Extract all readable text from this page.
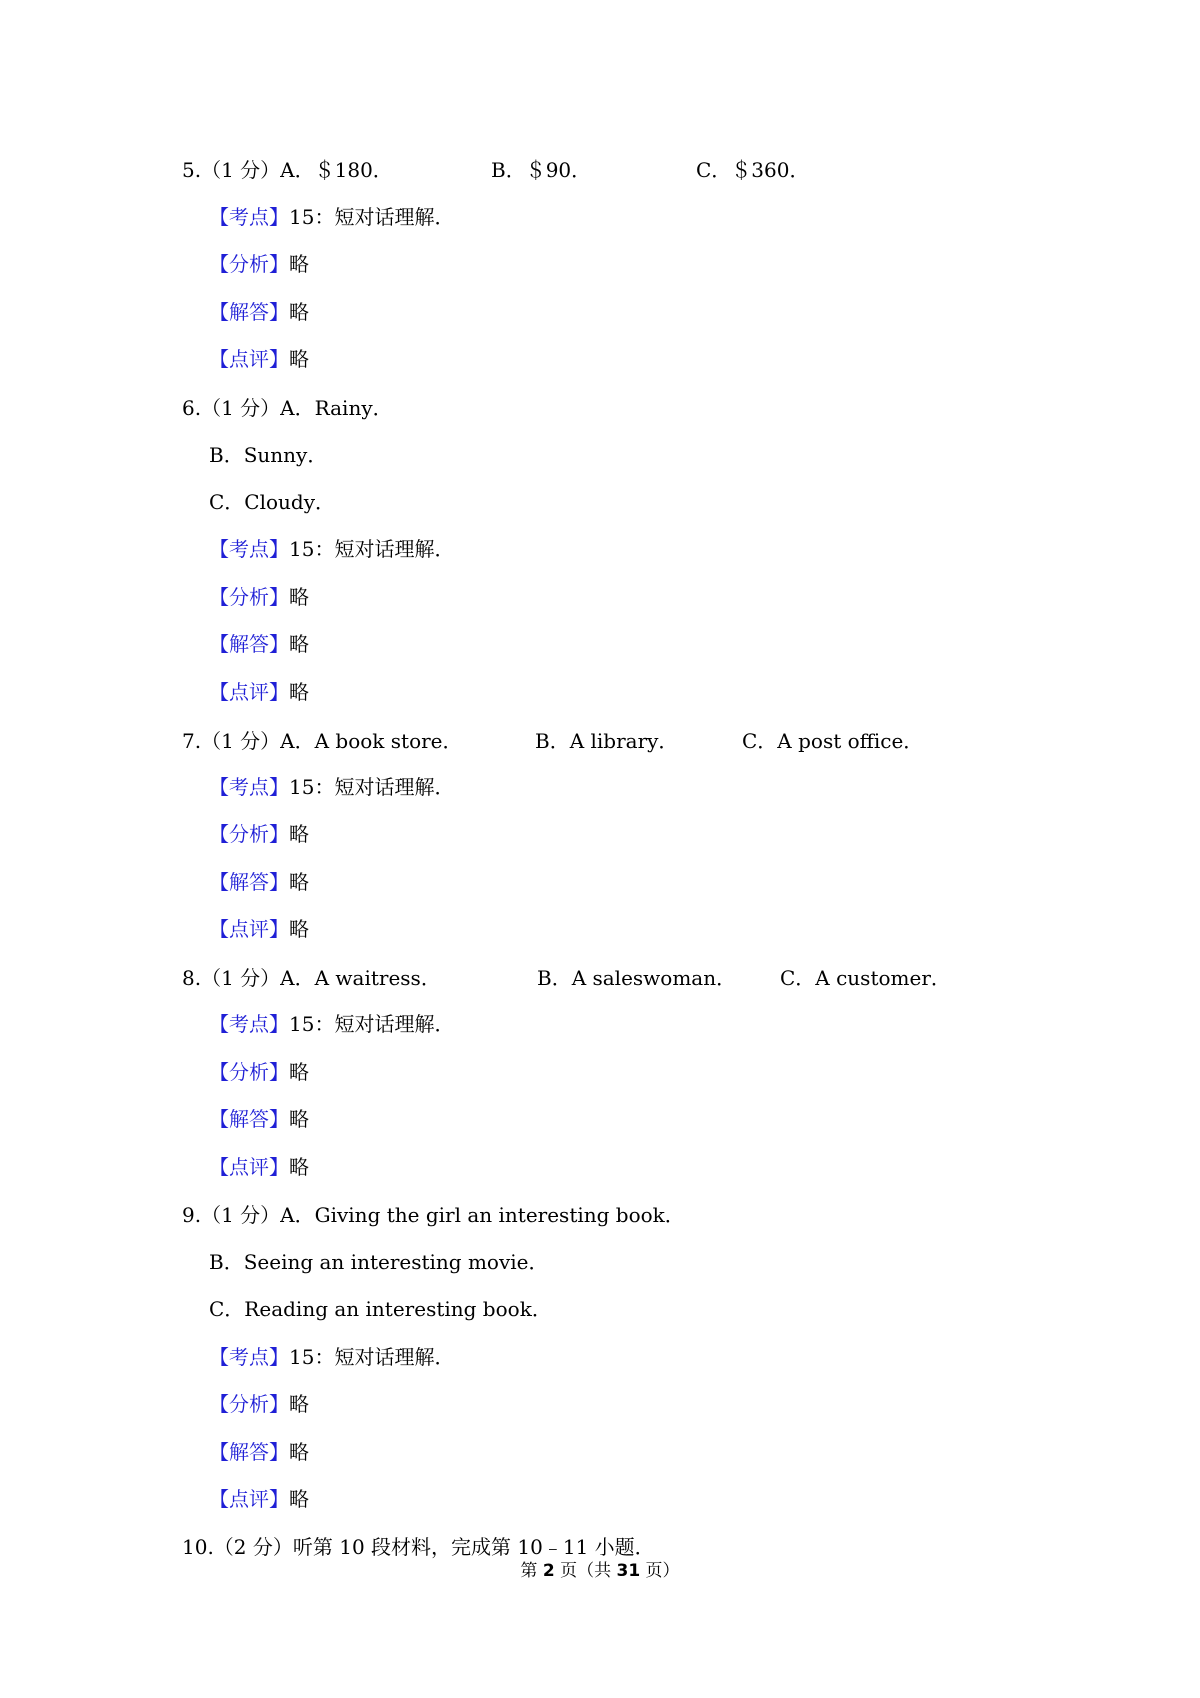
5.（1 分）A．＄180．	B．＄90．	C．＄360．
【考点】15：短对话理解．
【分析】略
【解答】略
【点评】略
6.（1 分）A．Rainy．
B．Sunny．
C．Cloudy．
【考点】15：短对话理解．
【分析】略
【解答】略
【点评】略
7.（1 分）A．A book store．	B．A library．	C．A post office．
【考点】15：短对话理解．
【分析】略
【解答】略
【点评】略
8.（1 分）A．A waitress．	B．A saleswoman． C．A customer．
【考点】15：短对话理解．
【分析】略
【解答】略
【点评】略
9.（1 分）A．Giving the girl an interesting book．
B．Seeing an interesting movie．
C．Reading an interesting book．
【考点】15：短对话理解．
【分析】略
【解答】略
【点评】略
10.（2 分）听第 10 段材料，完成第 10﹣11 小题．
第 2 页（共 31 页）
